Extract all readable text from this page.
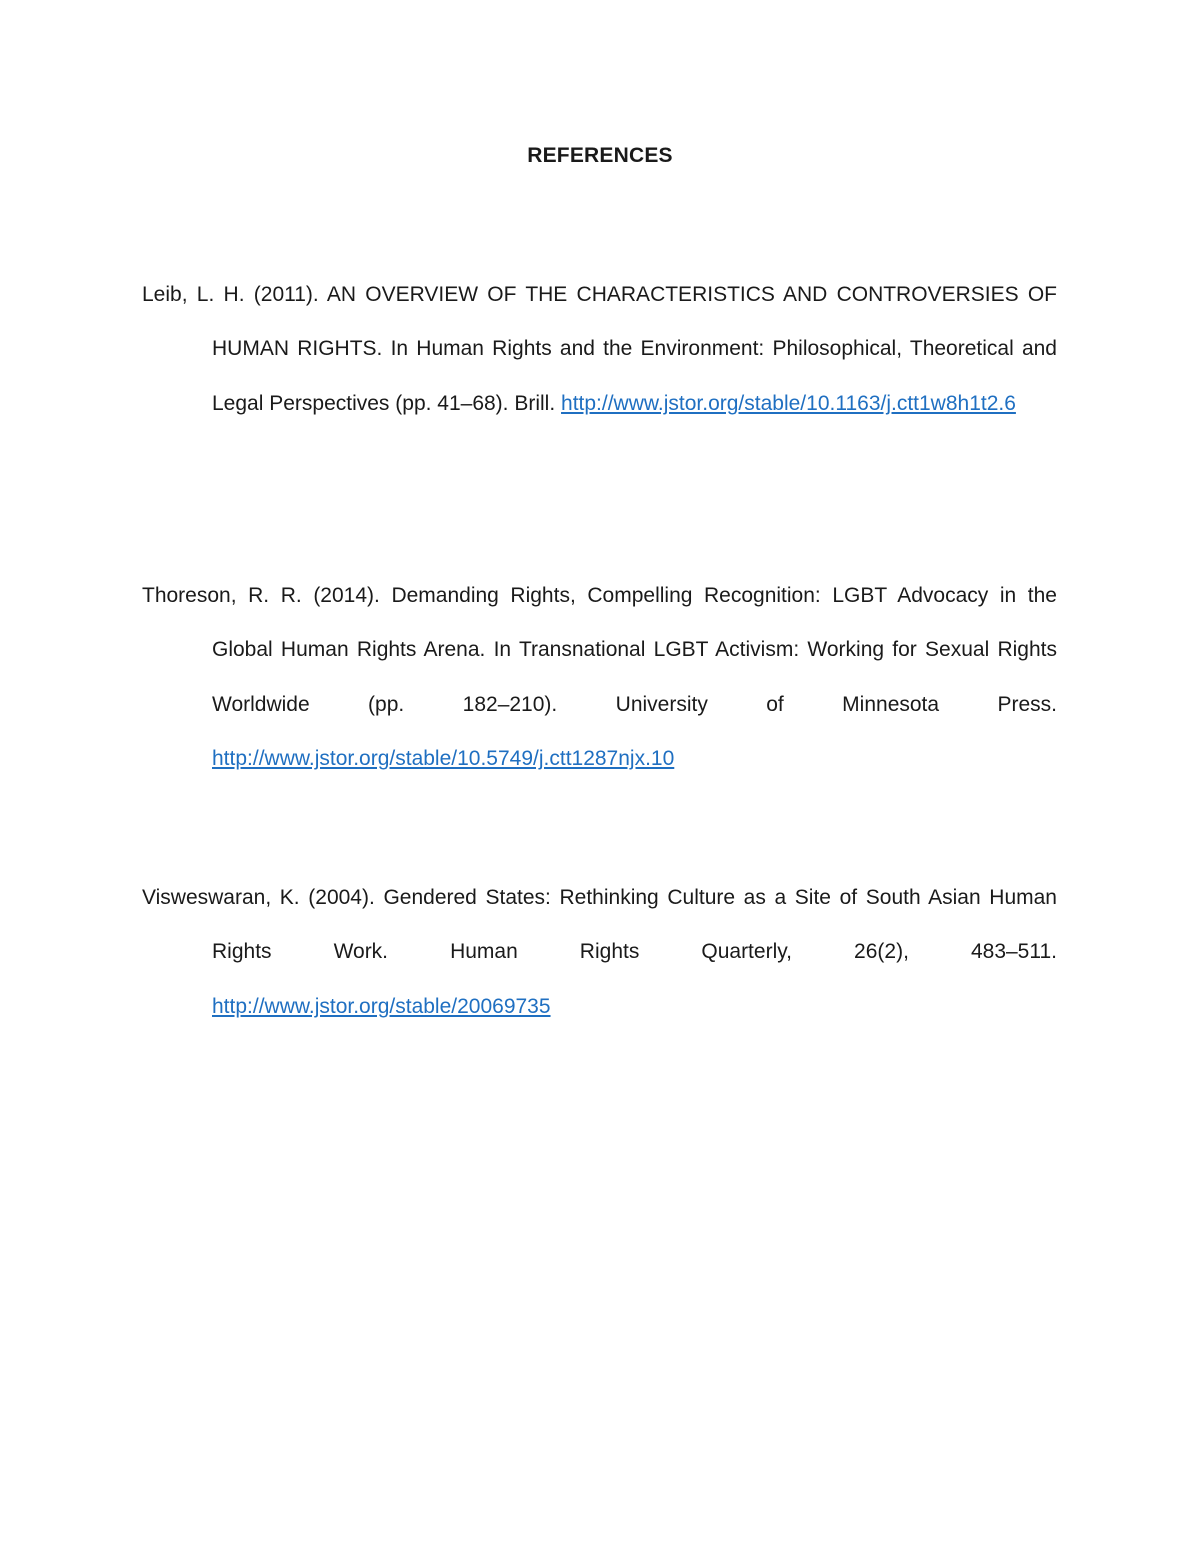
REFERENCES

Leib, L. H. (2011). AN OVERVIEW OF THE CHARACTERISTICS AND CONTROVERSIES OF HUMAN RIGHTS. In Human Rights and the Environment: Philosophical, Theoretical and Legal Perspectives (pp. 41–68). Brill. http://www.jstor.org/stable/10.1163/j.ctt1w8h1t2.6

Thoreson, R. R. (2014). Demanding Rights, Compelling Recognition: LGBT Advocacy in the Global Human Rights Arena. In Transnational LGBT Activism: Working for Sexual Rights Worldwide (pp. 182–210). University of Minnesota Press. http://www.jstor.org/stable/10.5749/j.ctt1287njx.10

Visweswaran, K. (2004). Gendered States: Rethinking Culture as a Site of South Asian Human Rights Work. Human Rights Quarterly, 26(2), 483–511. http://www.jstor.org/stable/20069735
